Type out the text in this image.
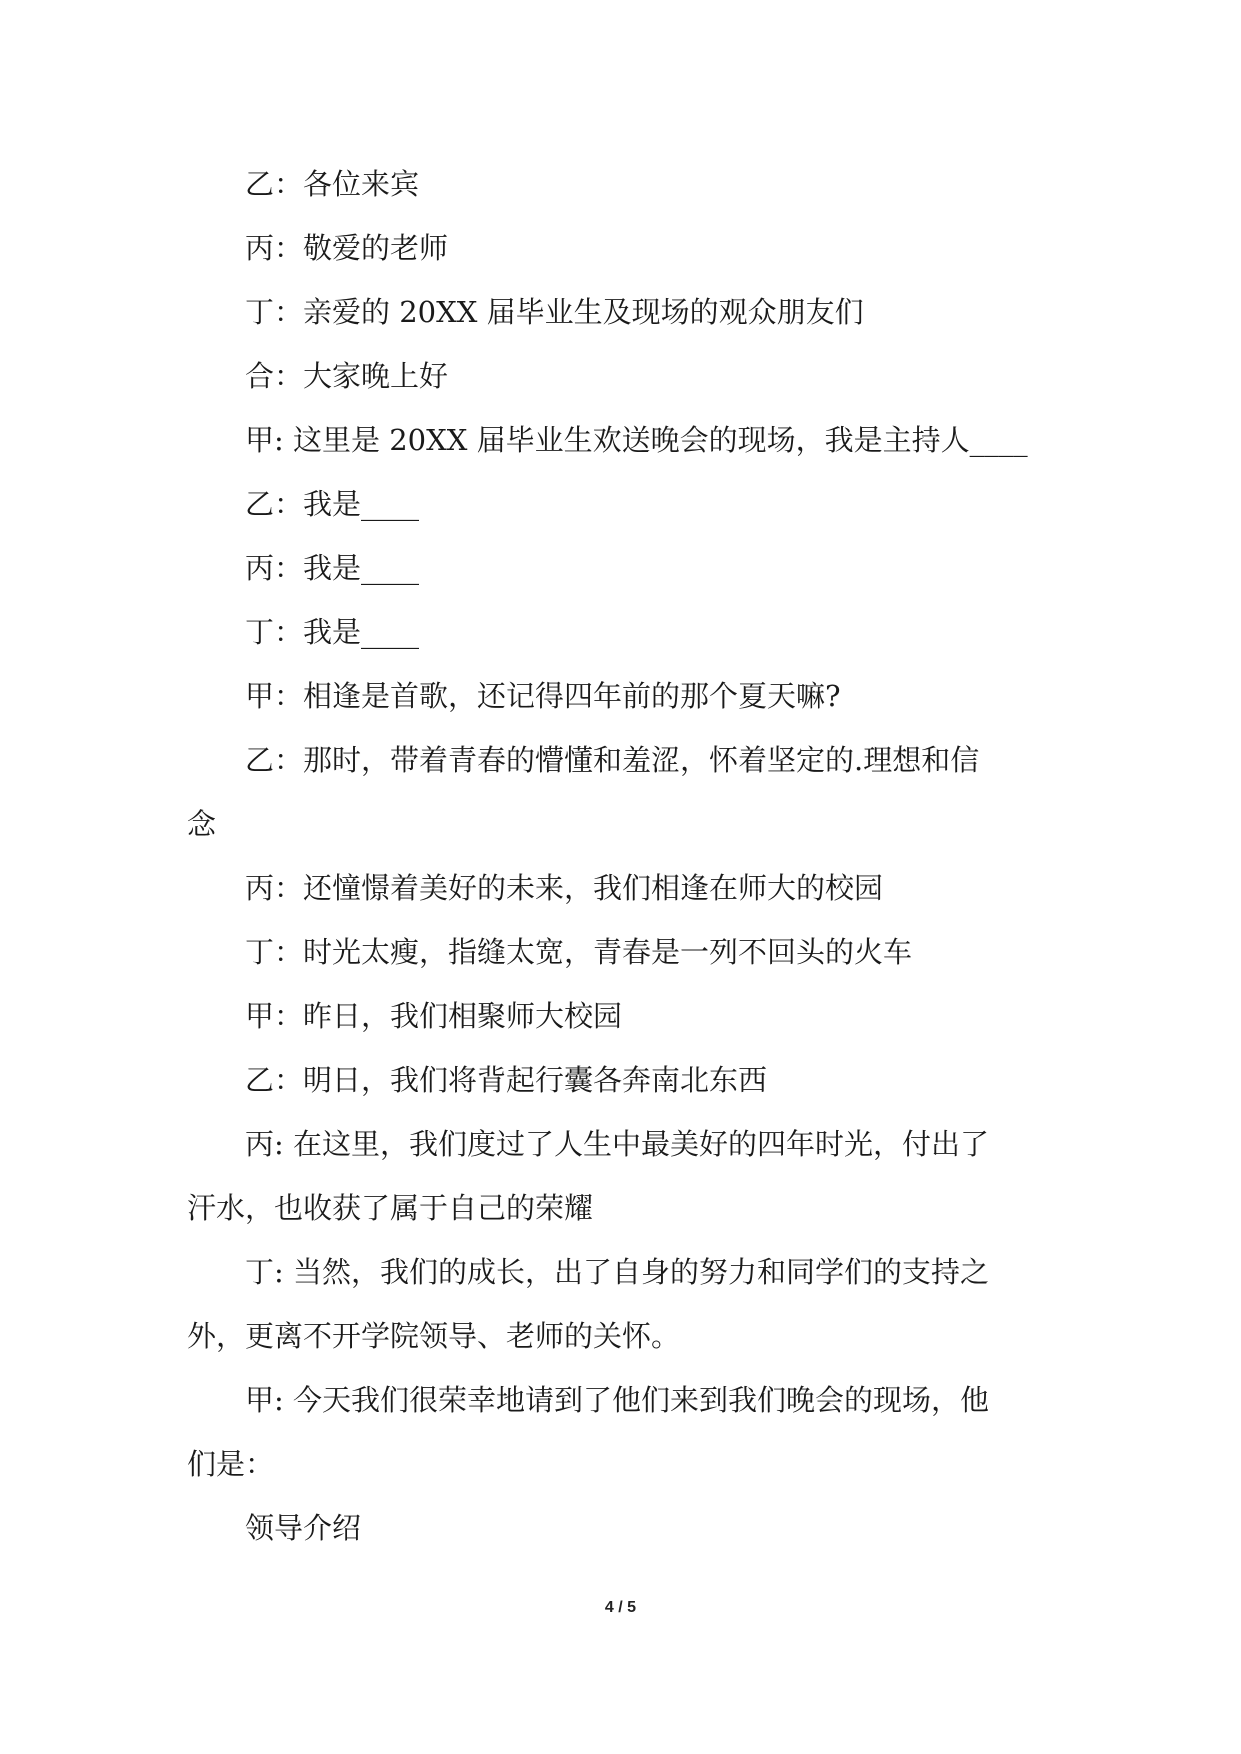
乙：各位来宾

丙：敬爱的老师

丁：亲爱的 20XX 届毕业生及现场的观众朋友们

合：大家晚上好

甲: 这里是 20XX 届毕业生欢送晚会的现场，我是主持人____

乙：我是____

丙：我是____

丁：我是____

甲：相逢是首歌，还记得四年前的那个夏天嘛?

乙：那时，带着青春的懵懂和羞涩，怀着坚定的.理想和信
念

丙：还憧憬着美好的未来，我们相逢在师大的校园

丁：时光太瘦，指缝太宽，青春是一列不回头的火车

甲：昨日，我们相聚师大校园

乙：明日，我们将背起行囊各奔南北东西

丙: 在这里，我们度过了人生中最美好的四年时光，付出了
汗水，也收获了属于自己的荣耀
丁: 当然，我们的成长，出了自身的努力和同学们的支持之
外，更离不开学院领导、老师的关怀。
甲: 今天我们很荣幸地请到了他们来到我们晚会的现场，他
们是：

领导介绍

4 / 5
